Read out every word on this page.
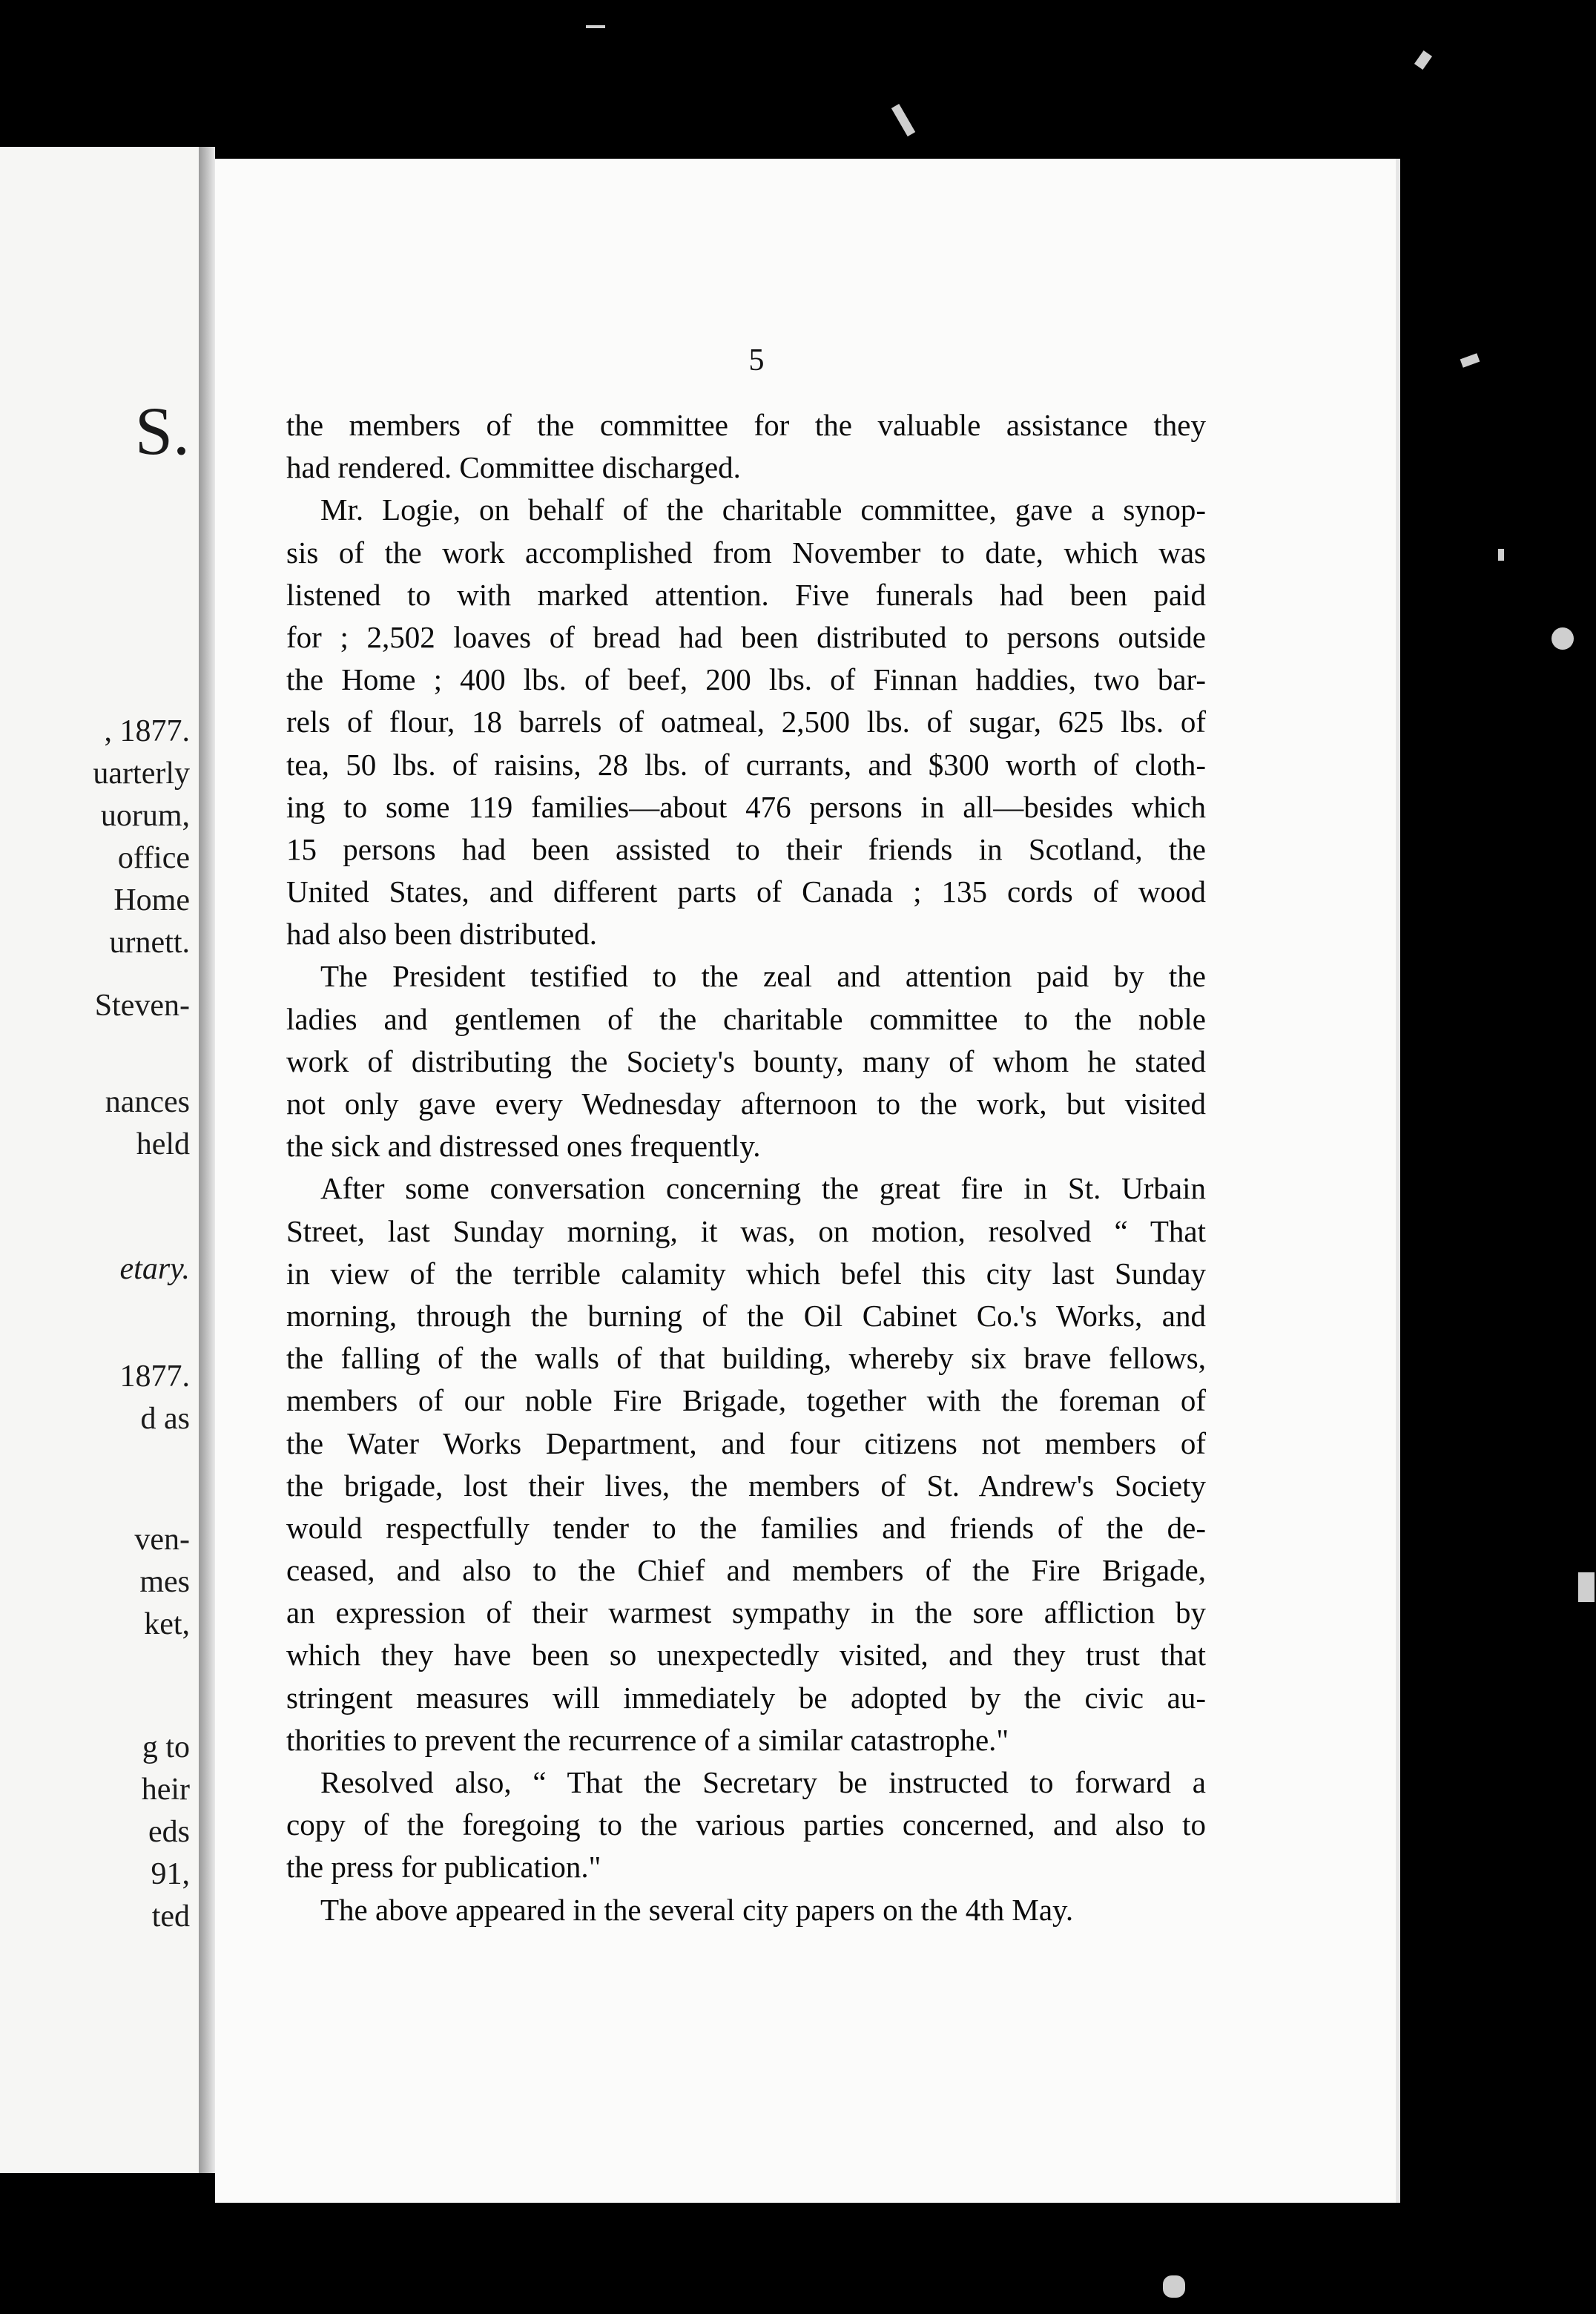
S.
, 1877.
uarterly
uorum,
office
Home
urnett.
Steven-
nances
held
etary.
1877.
d as
ven-
mes
ket,
g to
heir
eds
91,
ted
5
the members of the committee for the valuable assistance they
had rendered. Committee discharged.
Mr. Logie, on behalf of the charitable committee, gave a synop-
sis of the work accomplished from November to date, which was
listened to with marked attention. Five funerals had been paid
for ; 2,502 loaves of bread had been distributed to persons outside
the Home ; 400 lbs. of beef, 200 lbs. of Finnan haddies, two bar-
rels of flour, 18 barrels of oatmeal, 2,500 lbs. of sugar, 625 lbs. of
tea, 50 lbs. of raisins, 28 lbs. of currants, and $300 worth of cloth-
ing to some 119 families—about 476 persons in all—besides which
15 persons had been assisted to their friends in Scotland, the
United States, and different parts of Canada ; 135 cords of wood
had also been distributed.
The President testified to the zeal and attention paid by the
ladies and gentlemen of the charitable committee to the noble
work of distributing the Society's bounty, many of whom he stated
not only gave every Wednesday afternoon to the work, but visited
the sick and distressed ones frequently.
After some conversation concerning the great fire in St. Urbain
Street, last Sunday morning, it was, on motion, resolved “ That
in view of the terrible calamity which befel this city last Sunday
morning, through the burning of the Oil Cabinet Co.'s Works, and
the falling of the walls of that building, whereby six brave fellows,
members of our noble Fire Brigade, together with the foreman of
the Water Works Department, and four citizens not members of
the brigade, lost their lives, the members of St. Andrew's Society
would respectfully tender to the families and friends of the de-
ceased, and also to the Chief and members of the Fire Brigade,
an expression of their warmest sympathy in the sore affliction by
which they have been so unexpectedly visited, and they trust that
stringent measures will immediately be adopted by the civic au-
thorities to prevent the recurrence of a similar catastrophe."
Resolved also, “ That the Secretary be instructed to forward a
copy of the foregoing to the various parties concerned, and also to
the press for publication."
The above appeared in the several city papers on the 4th May.
